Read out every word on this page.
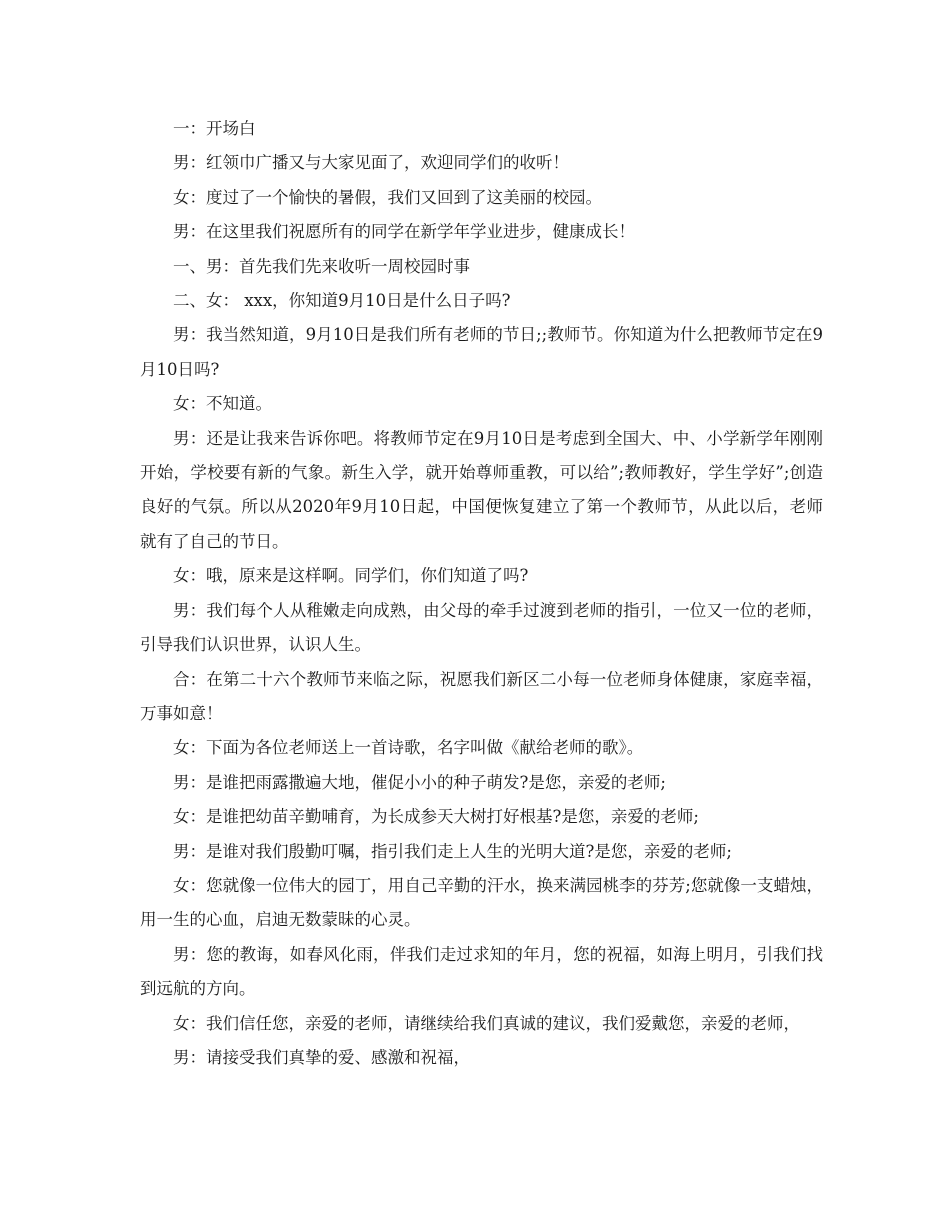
一：开场白

男：红领巾广播又与大家见面了，欢迎同学们的收听！

女：度过了一个愉快的暑假，我们又回到了这美丽的校园。

男：在这里我们祝愿所有的同学在新学年学业进步，健康成长！

一、男：首先我们先来收听一周校园时事

二、女： xxx，你知道9月10日是什么日子吗?

男：我当然知道，9月10日是我们所有老师的节日;;教师节。你知道为什么把教师节定在9月10日吗?

女：不知道。

男：还是让我来告诉你吧。将教师节定在9月10日是考虑到全国大、中、小学新学年刚刚开始，学校要有新的气象。新生入学，就开始尊师重教，可以给”;教师教好，学生学好”;创造良好的气氛。所以从2020年9月10日起，中国便恢复建立了第一个教师节，从此以后，老师就有了自己的节日。

女：哦，原来是这样啊。同学们，你们知道了吗?

男：我们每个人从稚嫩走向成熟，由父母的牵手过渡到老师的指引，一位又一位的老师，引导我们认识世界，认识人生。

合：在第二十六个教师节来临之际，祝愿我们新区二小每一位老师身体健康，家庭幸福，万事如意！

女：下面为各位老师送上一首诗歌，名字叫做《献给老师的歌》。

男：是谁把雨露撒遍大地，催促小小的种子萌发?是您，亲爱的老师;

女：是谁把幼苗辛勤哺育，为长成参天大树打好根基?是您，亲爱的老师;

男：是谁对我们殷勤叮嘱，指引我们走上人生的光明大道?是您，亲爱的老师;

女：您就像一位伟大的园丁，用自己辛勤的汗水，换来满园桃李的芬芳;您就像一支蜡烛，用一生的心血，启迪无数蒙昧的心灵。

男：您的教诲，如春风化雨，伴我们走过求知的年月，您的祝福，如海上明月，引我们找到远航的方向。

女：我们信任您，亲爱的老师，请继续给我们真诚的建议，我们爱戴您，亲爱的老师，

男：请接受我们真挚的爱、感激和祝福，
